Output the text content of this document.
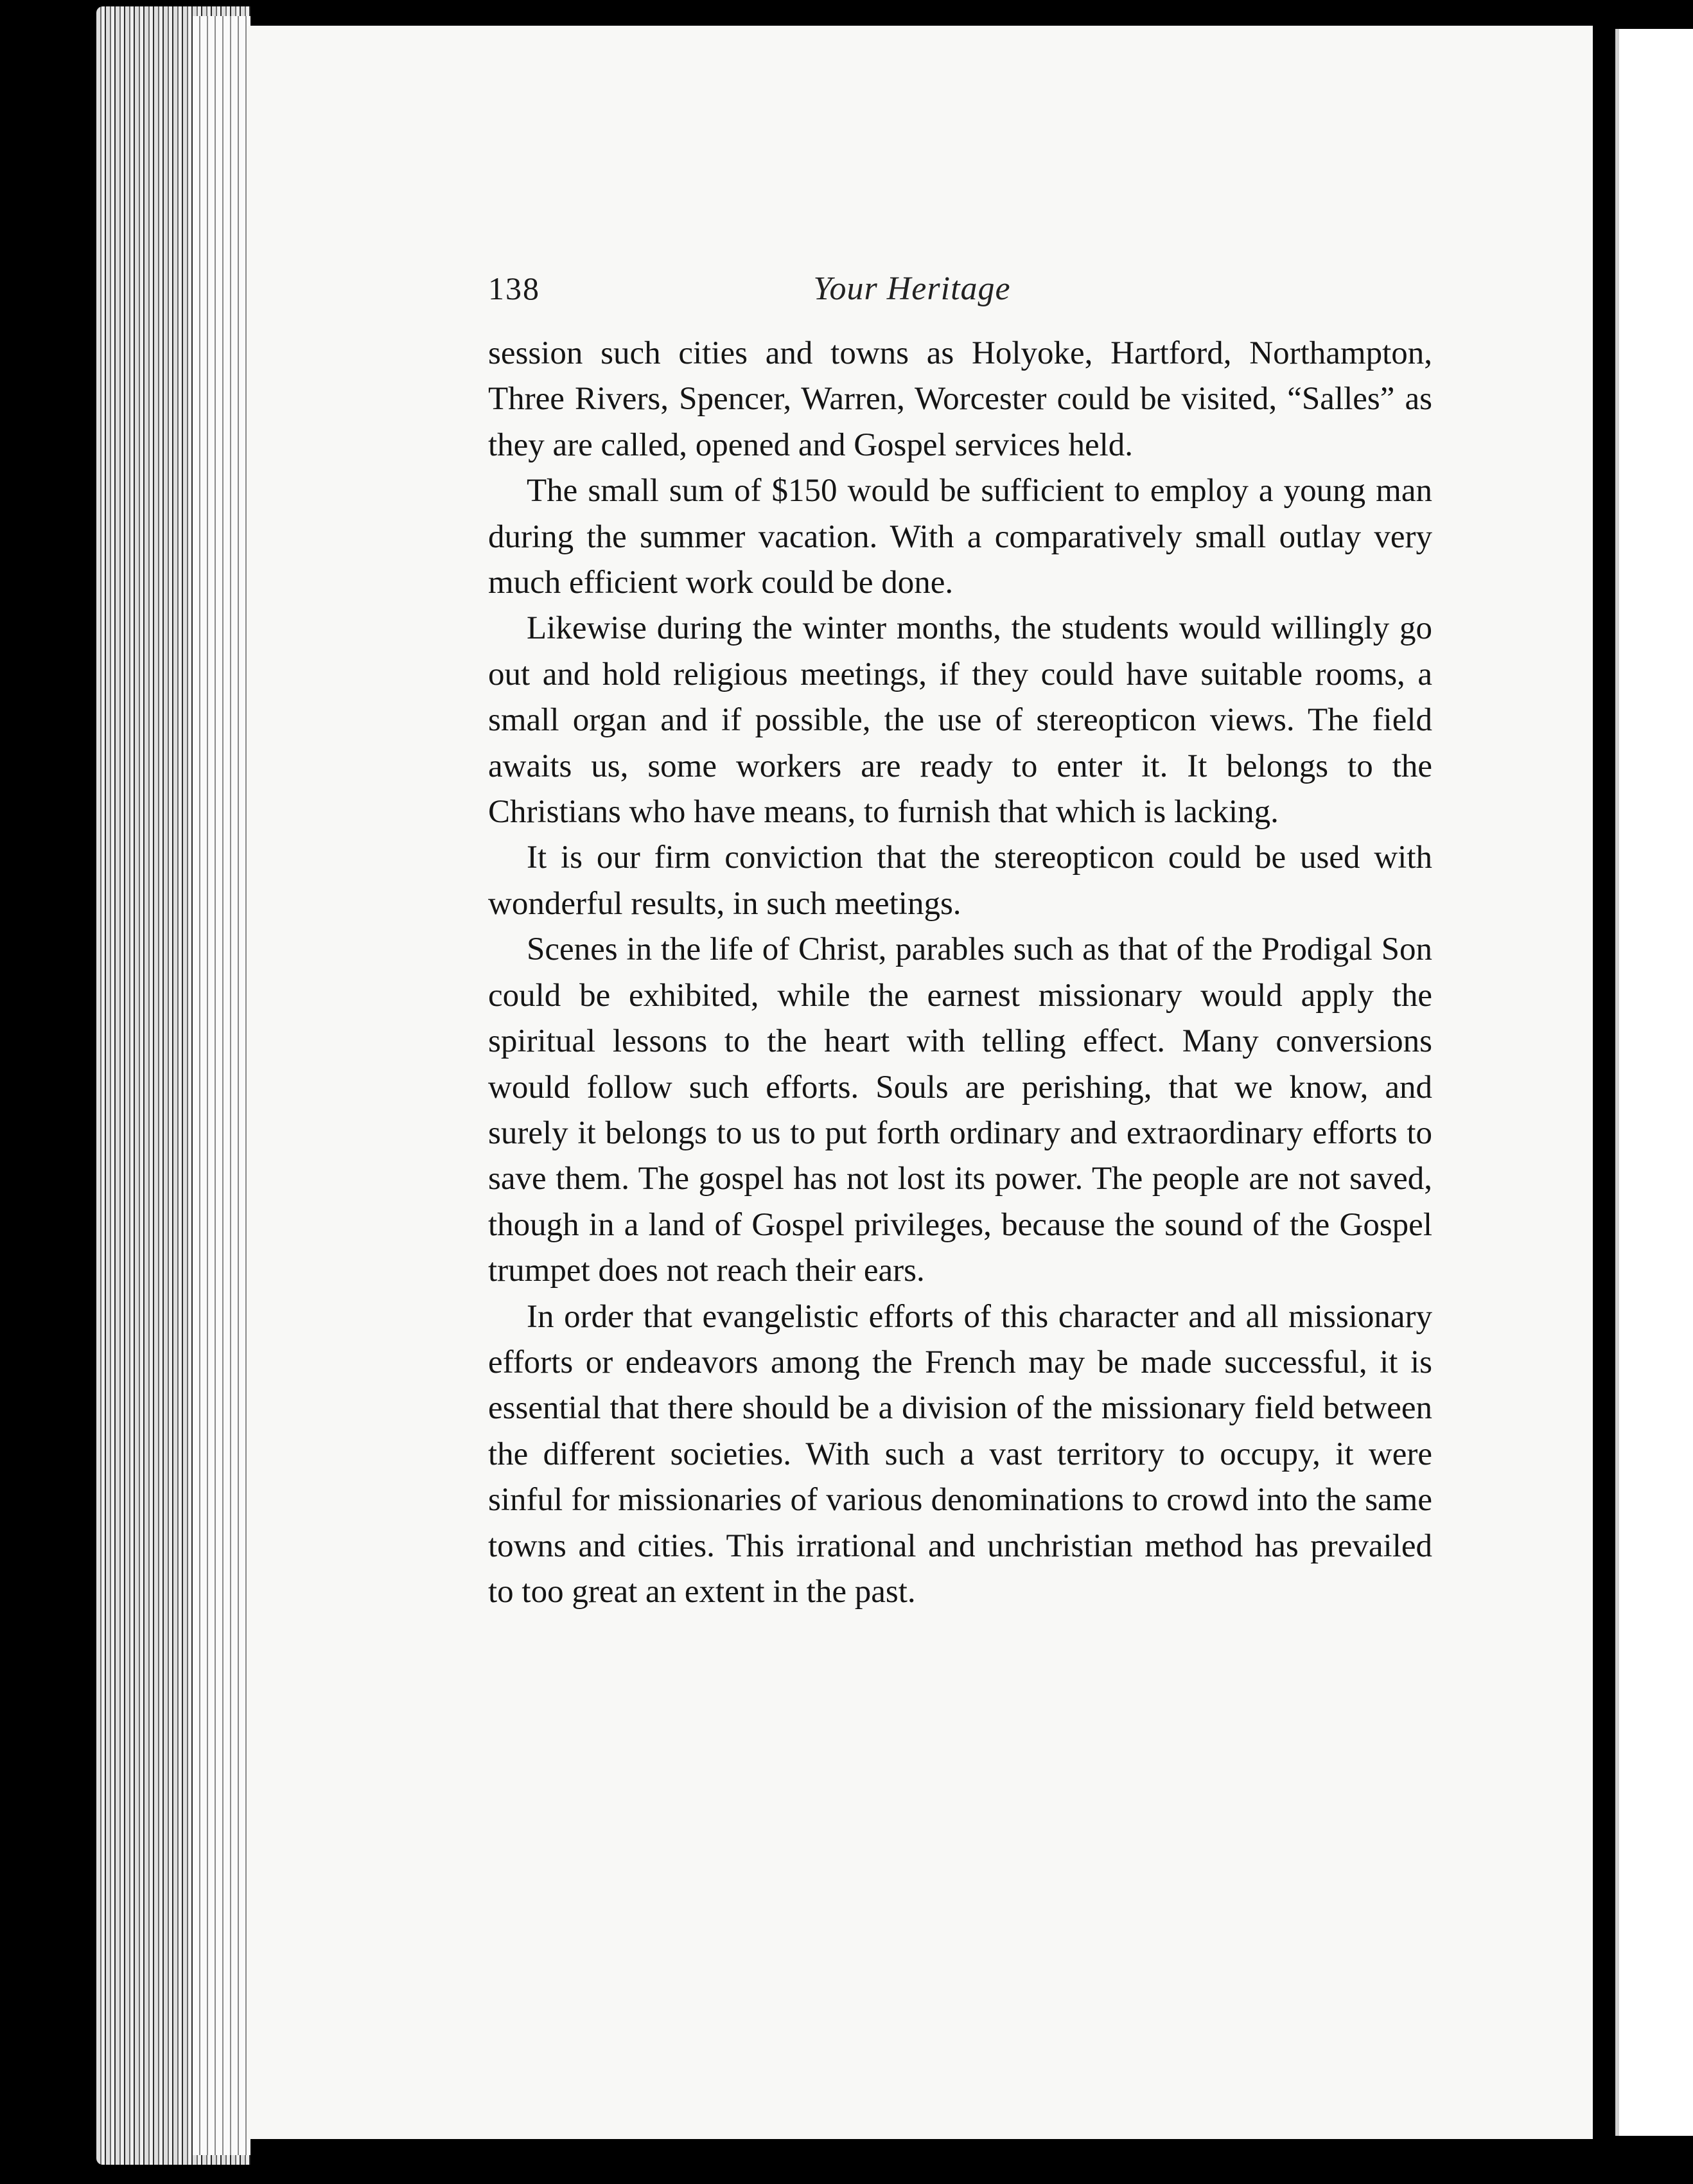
138	Your Heritage

session such cities and towns as Holyoke, Hartford, Northampton, Three Rivers, Spencer, Warren, Worcester could be visited, “Salles” as they are called, opened and Gospel services held.

The small sum of $150 would be sufficient to employ a young man during the summer vacation. With a comparatively small outlay very much efficient work could be done.

Likewise during the winter months, the students would willingly go out and hold religious meetings, if they could have suitable rooms, a small organ and if possible, the use of stereopticon views. The field awaits us, some workers are ready to enter it. It belongs to the Christians who have means, to furnish that which is lacking.

It is our firm conviction that the stereopticon could be used with wonderful results, in such meetings.

Scenes in the life of Christ, parables such as that of the Prodigal Son could be exhibited, while the earnest missionary would apply the spiritual lessons to the heart with telling effect. Many conversions would follow such efforts. Souls are perishing, that we know, and surely it belongs to us to put forth ordinary and extraordinary efforts to save them. The gospel has not lost its power. The people are not saved, though in a land of Gospel privileges, because the sound of the Gospel trumpet does not reach their ears.

In order that evangelistic efforts of this character and all missionary efforts or endeavors among the French may be made successful, it is essential that there should be a division of the missionary field between the different societies. With such a vast territory to occupy, it were sinful for missionaries of various denominations to crowd into the same towns and cities. This irrational and unchristian method has prevailed to too great an extent in the past.
